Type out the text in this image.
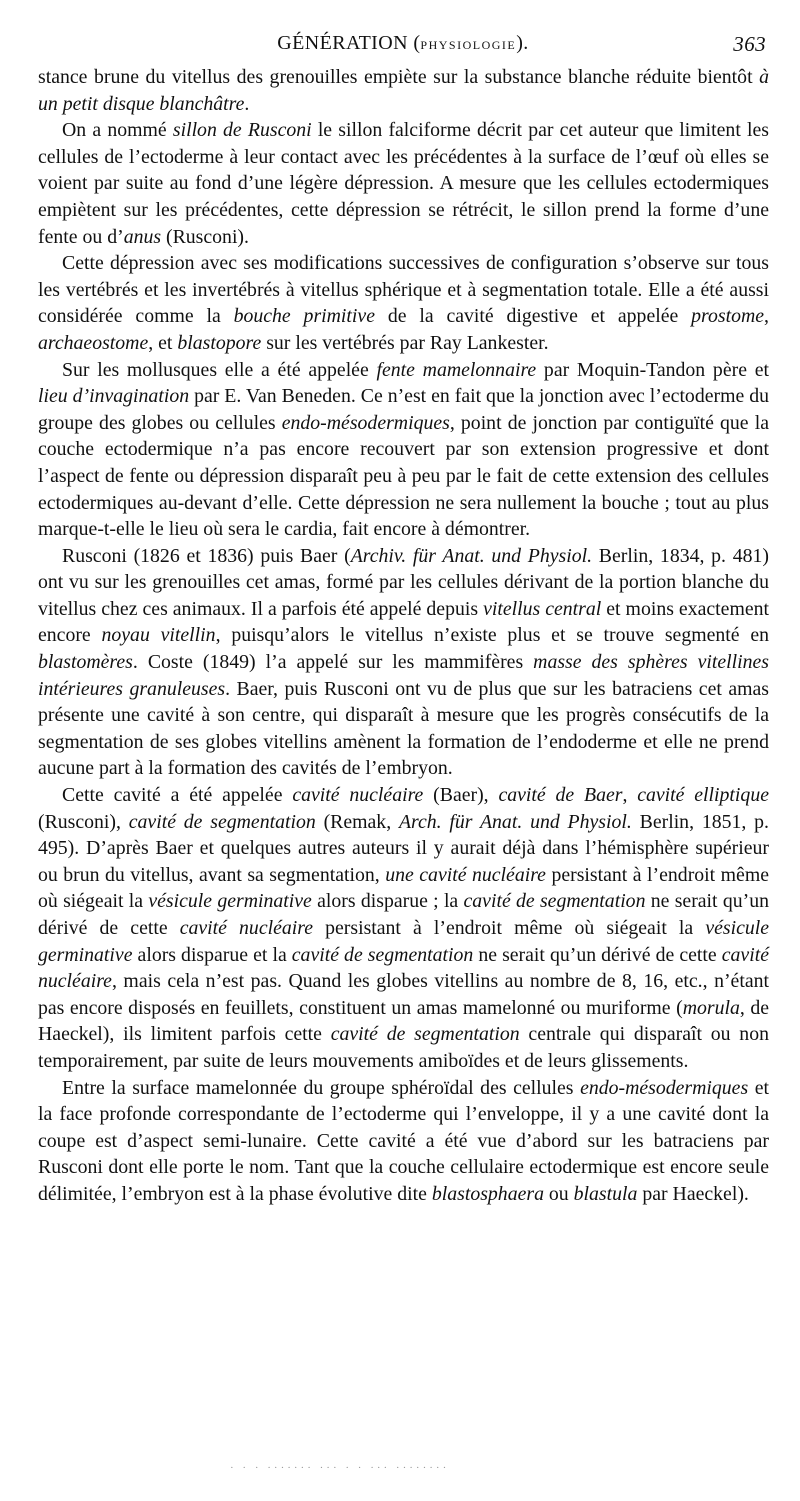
GÉNÉRATION (PHYSIOLOGIE).	363

stance brune du vitellus des grenouilles empiète sur la substance blanche réduite bientôt à un petit disque blanchâtre.

On a nommé sillon de Rusconi le sillon falciforme décrit par cet auteur que limitent les cellules de l’ectoderme à leur contact avec les précédentes à la surface de l’œuf où elles se voient par suite au fond d’une légère dépression. A mesure que les cellules ectodermiques empiètent sur les précédentes, cette dépression se rétrécit, le sillon prend la forme d’une fente ou d’anus (Rusconi).

Cette dépression avec ses modifications successives de configuration s’observe sur tous les vertébrés et les invertébrés à vitellus sphérique et à segmentation totale. Elle a été aussi considérée comme la bouche primitive de la cavité digestive et appelée prostome, archaeostome, et blastopore sur les vertébrés par Ray Lankester.

Sur les mollusques elle a été appelée fente mamelonnaire par Moquin-Tandon père et lieu d’invagination par E. Van Beneden. Ce n’est en fait que la jonction avec l’ectoderme du groupe des globes ou cellules endo-mésodermiques, point de jonction par contiguïté que la couche ectodermique n’a pas encore recouvert par son extension progressive et dont l’aspect de fente ou dépression disparaît peu à peu par le fait de cette extension des cellules ectodermiques au-devant d’elle. Cette dépression ne sera nullement la bouche ; tout au plus marque-t-elle le lieu où sera le cardia, fait encore à démontrer.

Rusconi (1826 et 1836) puis Baer (Archiv. für Anat. und Physiol. Berlin, 1834, p. 481) ont vu sur les grenouilles cet amas, formé par les cellules dérivant de la portion blanche du vitellus chez ces animaux. Il a parfois été appelé depuis vitellus central et moins exactement encore noyau vitellin, puisqu’alors le vitellus n’existe plus et se trouve segmenté en blastomères. Coste (1849) l’a appelé sur les mammifères masse des sphères vitellines intérieures granuleuses. Baer, puis Rusconi ont vu de plus que sur les batraciens cet amas présente une cavité à son centre, qui disparaît à mesure que les progrès consécutifs de la segmentation de ses globes vitellins amènent la formation de l’endoderme et elle ne prend aucune part à la formation des cavités de l’embryon.

Cette cavité a été appelée cavité nucléaire (Baer), cavité de Baer, cavité elliptique (Rusconi), cavité de segmentation (Remak, Arch. für Anat. und Physiol. Berlin, 1851, p. 495). D’après Baer et quelques autres auteurs il y aurait déjà dans l’hémisphère supérieur ou brun du vitellus, avant sa segmentation, une cavité nucléaire persistant à l’endroit même où siégeait la vésicule germinative alors disparue ; la cavité de segmentation ne serait qu’un dérivé de cette cavité nucléaire persistant à l’endroit même où siégeait la vésicule germinative alors disparue et la cavité de segmentation ne serait qu’un dérivé de cette cavité nucléaire, mais cela n’est pas. Quand les globes vitellins au nombre de 8, 16, etc., n’étant pas encore disposés en feuillets, constituent un amas mamelonné ou muriforme (morula, de Haeckel), ils limitent parfois cette cavité de segmentation centrale qui disparaît ou non temporairement, par suite de leurs mouvements amiboïdes et de leurs glissements.

Entre la surface mamelonnée du groupe sphéroïdal des cellules endo-mésodermiques et la face profonde correspondante de l’ectoderme qui l’enveloppe, il y a une cavité dont la coupe est d’aspect semi-lunaire. Cette cavité a été vue d’abord sur les batraciens par Rusconi dont elle porte le nom. Tant que la couche cellulaire ectodermique est encore seule délimitée, l’embryon est à la phase évolutive dite blastosphaera ou blastula par Haeckel).

· · · ······· ··· · · ··· ········
